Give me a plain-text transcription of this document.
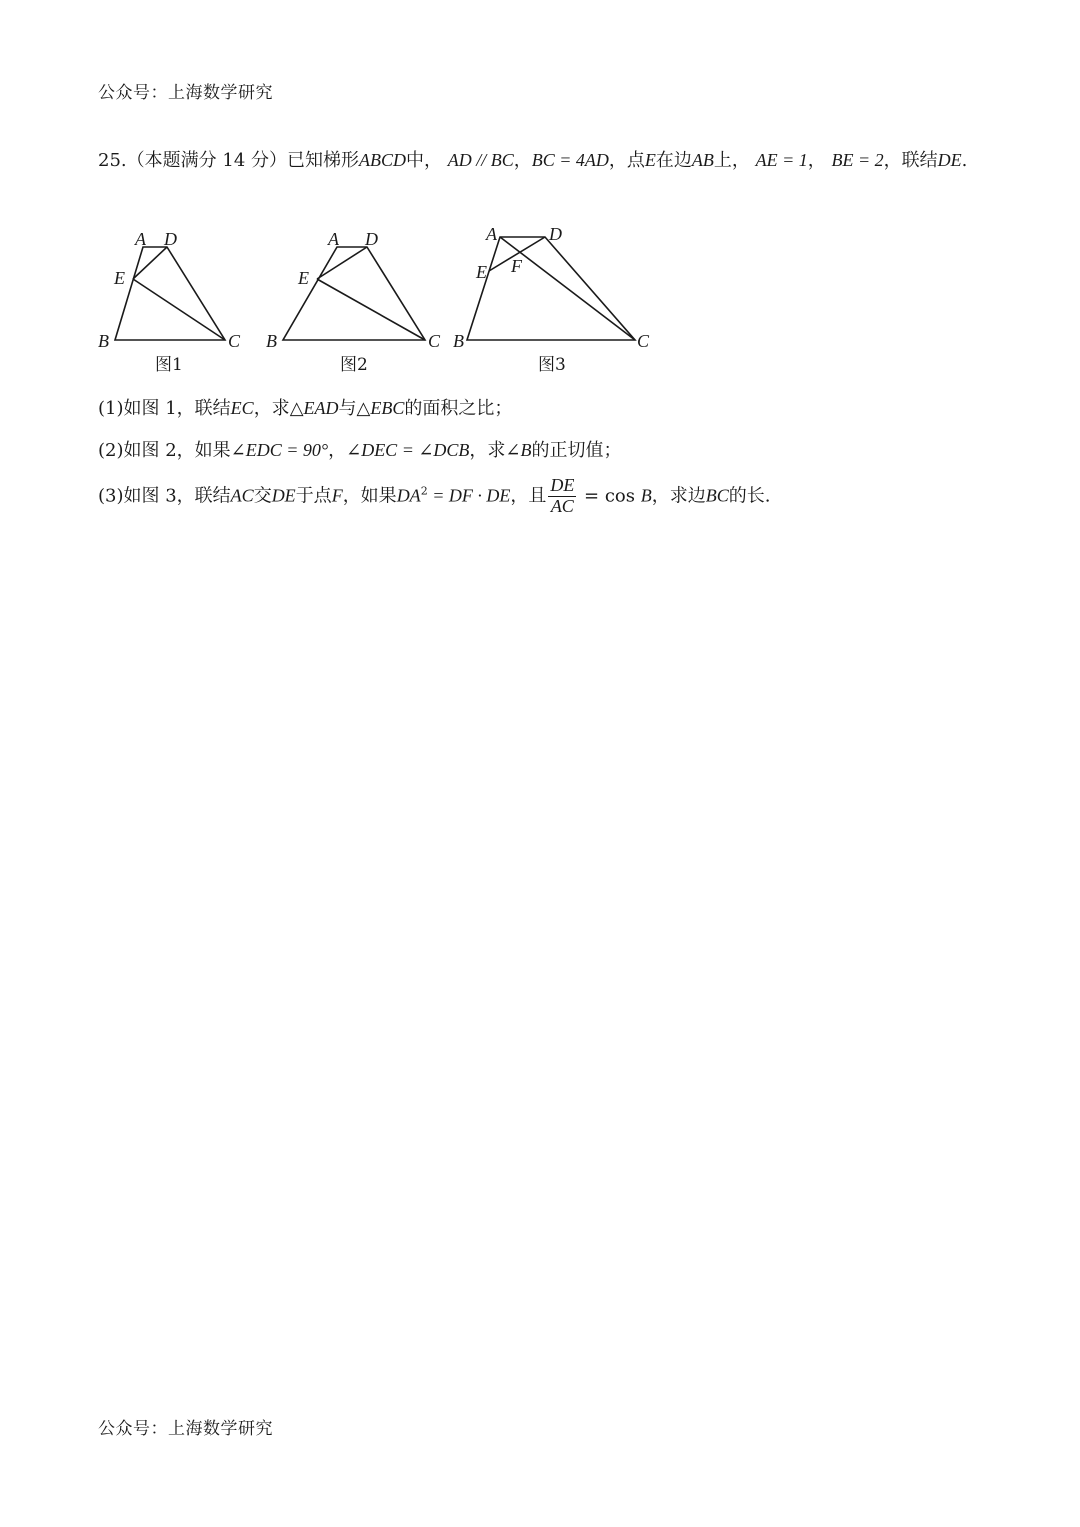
公众号：上海数学研究
25.（本题满分 14 分）已知梯形ABCD中， AD // BC，BC = 4AD，点E在边AB上， AE = 1， BE = 2，联结DE.
A D
E
B	C
图1
A D
E
B	C
图2
A	D
E F
B	C
图3
(1)如图 1，联结EC，求△EAD与△EBC的面积之比；
(2)如图 2，如果∠EDC = 90°，∠DEC = ∠DCB，求∠B的正切值；
(3)如图 3，联结AC交DE于点F，如果$DA^2$ = DF · DE，且 $\frac{DE}{AC} = \cos B$，求边BC的长.
公众号：上海数学研究
